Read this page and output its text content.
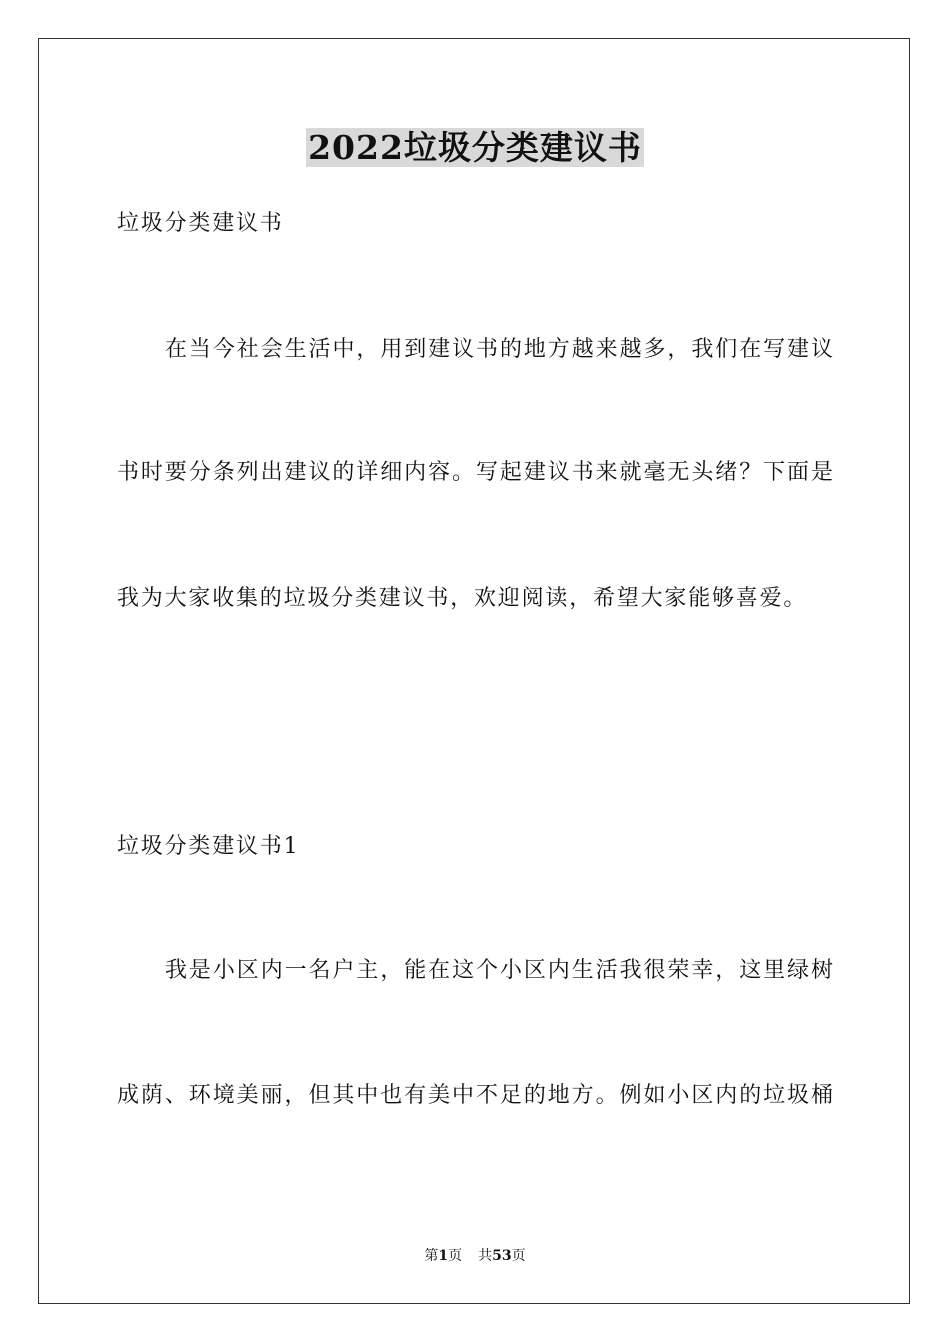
2022垃圾分类建议书
垃圾分类建议书
在当今社会生活中，用到建议书的地方越来越多，我们在写建议
书时要分条列出建议的详细内容。写起建议书来就毫无头绪？下面是
我为大家收集的垃圾分类建议书，欢迎阅读，希望大家能够喜爱。
垃圾分类建议书1
我是小区内一名户主，能在这个小区内生活我很荣幸，这里绿树
成荫、环境美丽，但其中也有美中不足的地方。例如小区内的垃圾桶
第1页 共53页
